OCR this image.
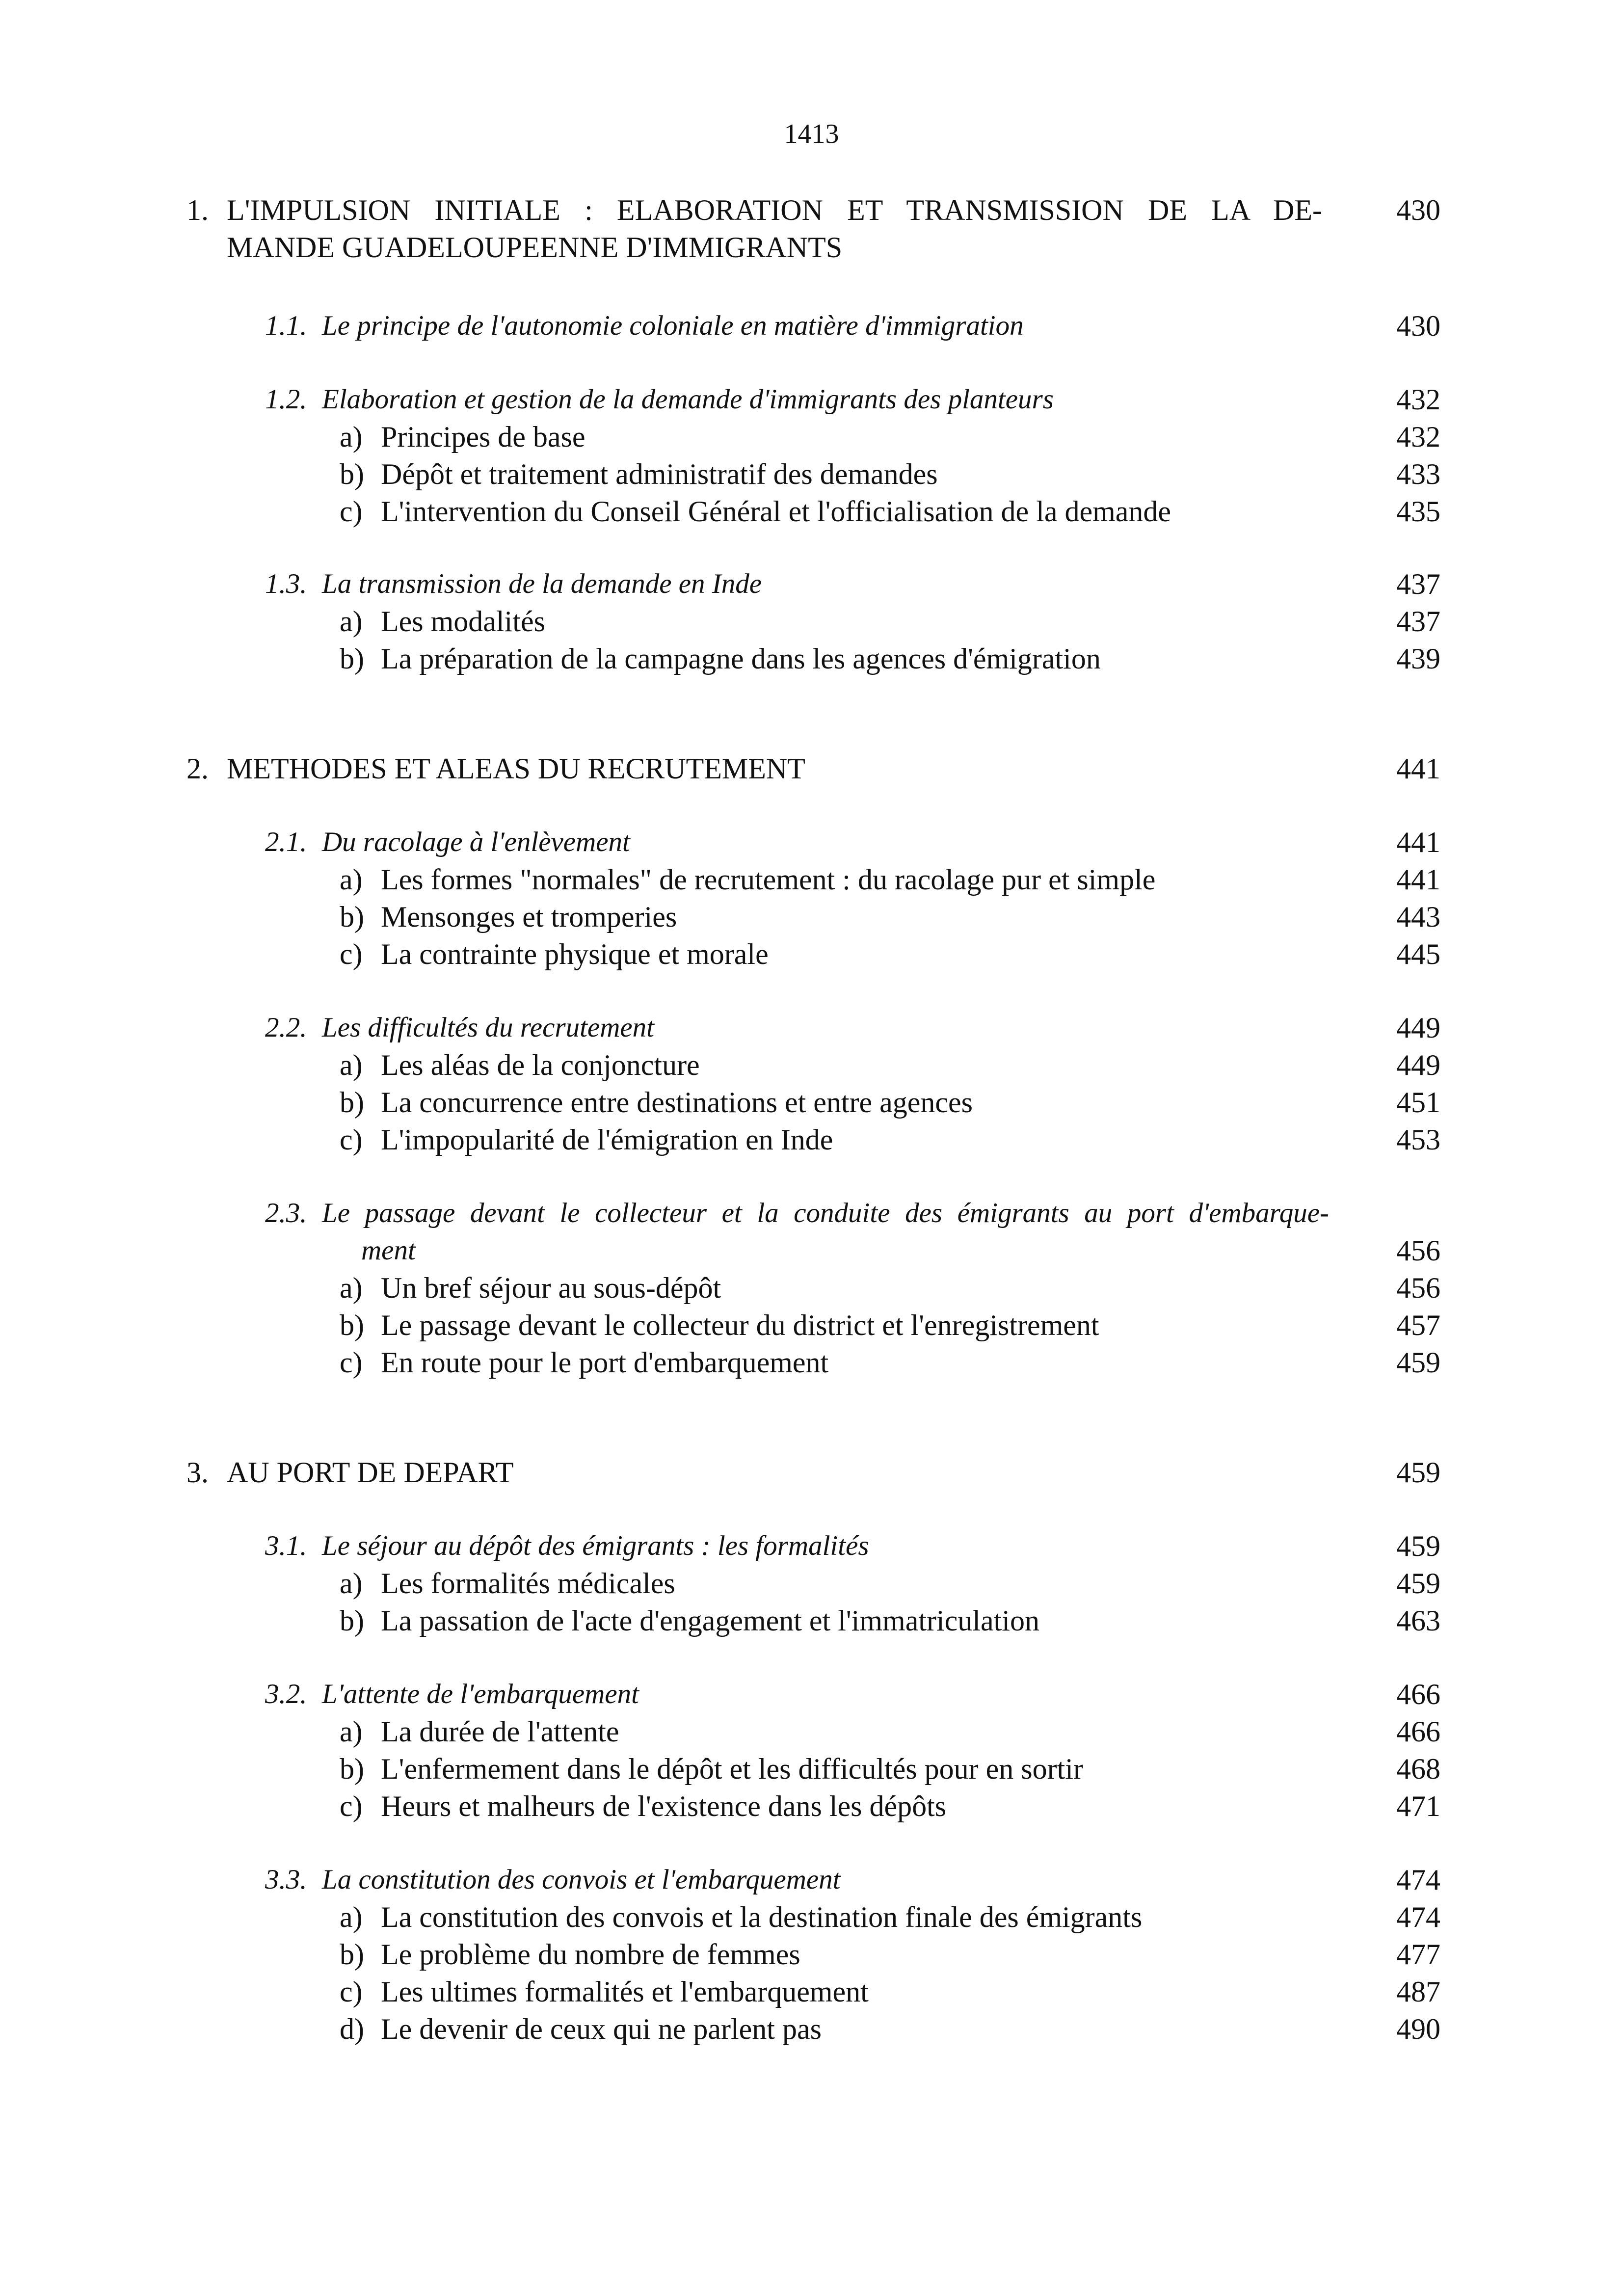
1413
1. L'IMPULSION INITIALE : ELABORATION ET TRANSMISSION DE LA DE-	430
MANDE GUADELOUPEENNE D'IMMIGRANTS
1.1. Le principe de l'autonomie coloniale en matière d'immigration	430
1.2. Elaboration et gestion de la demande d'immigrants des planteurs	432
a) Principes de base	432
b) Dépôt et traitement administratif des demandes	433
c) L'intervention du Conseil Général et l'officialisation de la demande	435
1.3. La transmission de la demande en Inde	437
a) Les modalités	437
b) La préparation de la campagne dans les agences d'émigration	439
2. METHODES ET ALEAS DU RECRUTEMENT	441
2.1. Du racolage à l'enlèvement	441
a) Les formes "normales" de recrutement : du racolage pur et simple	441
b) Mensonges et tromperies	443
c) La contrainte physique et morale	445
2.2. Les difficultés du recrutement	449
a) Les aléas de la conjoncture	449
b) La concurrence entre destinations et entre agences	451
c) L'impopularité de l'émigration en Inde	453
2.3. Le passage devant le collecteur et la conduite des émigrants au port d'embarque-
ment	456
a) Un bref séjour au sous-dépôt	456
b) Le passage devant le collecteur du district et l'enregistrement	457
c) En route pour le port d'embarquement	459
3. AU PORT DE DEPART	459
3.1. Le séjour au dépôt des émigrants : les formalités	459
a) Les formalités médicales	459
b) La passation de l'acte d'engagement et l'immatriculation	463
3.2. L'attente de l'embarquement	466
a) La durée de l'attente	466
b) L'enfermement dans le dépôt et les difficultés pour en sortir	468
c) Heurs et malheurs de l'existence dans les dépôts	471
3.3. La constitution des convois et l'embarquement	474
a) La constitution des convois et la destination finale des émigrants	474
b) Le problème du nombre de femmes	477
c) Les ultimes formalités et l'embarquement	487
d) Le devenir de ceux qui ne parlent pas	490
